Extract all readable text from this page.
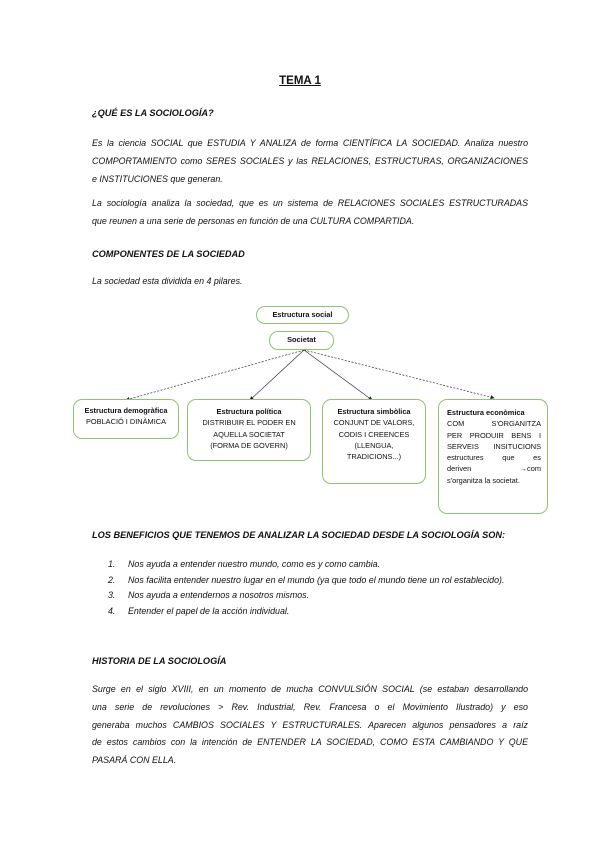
TEMA 1
¿QUÉ ES LA SOCIOLOGÍA?
Es la ciencia SOCIAL que ESTUDIA Y ANALIZA de forma CIENTÍFICA LA SOCIEDAD. Analiza nuestro
COMPORTAMIENTO como SERES SOCIALES y las RELACIONES, ESTRUCTURAS, ORGANIZACIONES
e INSTITUCIONES que generan.
La sociología analiza la sociedad, que es un sistema de RELACIONES SOCIALES ESTRUCTURADAS
que reunen a una serie de personas en función de una CULTURA COMPARTIDA.
COMPONENTES DE LA SOCIEDAD
La sociedad esta dividida en 4 pilares.
Estructura social
Societat
Estructura demogràfica
POBLACIÓ I DINÀMICA
Estructura política
DISTRIBUIR EL PODER EN
AQUELLA SOCIETAT
(FORMA DE GOVERN)
Estructura simbòlica
CONJUNT DE VALORS,
CODIS I CREENCES
(LLENGUA,
TRADICIONS...)
Estructura econòmica
COM S'ORGANITZA
PER PRODUIR BENS I
SERVEIS INSITUCIONS
estructures que es
deriven →com
s'organitza la societat.
LOS BENEFICIOS QUE TENEMOS DE ANALIZAR LA SOCIEDAD DESDE LA SOCIOLOGÍA SON:
1. Nos ayuda a entender nuestro mundo, como es y como cambia.
2. Nos facilita entender nuestro lugar en el mundo (ya que todo el mundo tiene un rol establecido).
3. Nos ayuda a entendernos a nosotros mismos.
4. Entender el papel de la acción individual.
HISTORIA DE LA SOCIOLOGÍA
Surge en el siglo XVIII, en un momento de mucha CONVULSIÓN SOCIAL (se estaban desarrollando
una serie de revoluciones > Rev. Industrial, Rev. Francesa o el Movimiento Ilustrado) y eso
generaba muchos CAMBIOS SOCIALES Y ESTRUCTURALES. Aparecen algunos pensadores a raíz
de estos cambios con la intención de ENTENDER LA SOCIEDAD, COMO ESTA CAMBIANDO Y QUE
PASARÁ CON ELLA.
